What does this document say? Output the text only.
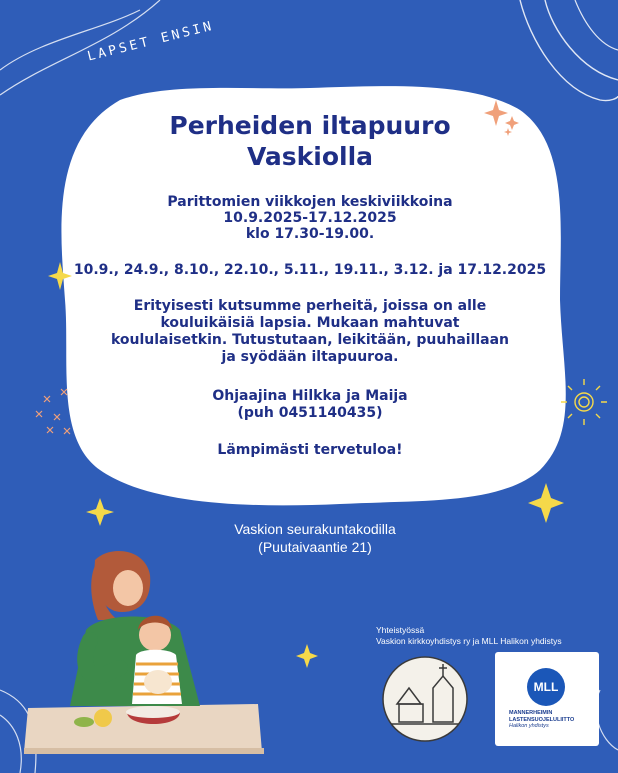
LAPSET ENSIN
Perheiden iltapuuro
Vaskiolla
Parittomien viikkojen keskiviikkoina
10.9.2025-17.12.2025
klo 17.30-19.00.
10.9., 24.9., 8.10., 22.10., 5.11., 19.11., 3.12. ja 17.12.2025
Erityisesti kutsumme perheitä, joissa on alle
kouluikäisiä lapsia. Mukaan mahtuvat
koululaisetkin. Tutustutaan, leikitään, puuhaillaan
ja syödään iltapuuroa.
Ohjaajina Hilkka ja Maija
(puh 0451140435)
Lämpimästi tervetuloa!
Vaskion seurakuntakodilla
(Puutaivaantie 21)
Yhteistyössä
Vaskion kirkkoyhdistys ry ja MLL Halikon yhdistys
MLL
MANNERHEIMIN
LASTENSUOJELULIITTO
Halikon yhdistys
